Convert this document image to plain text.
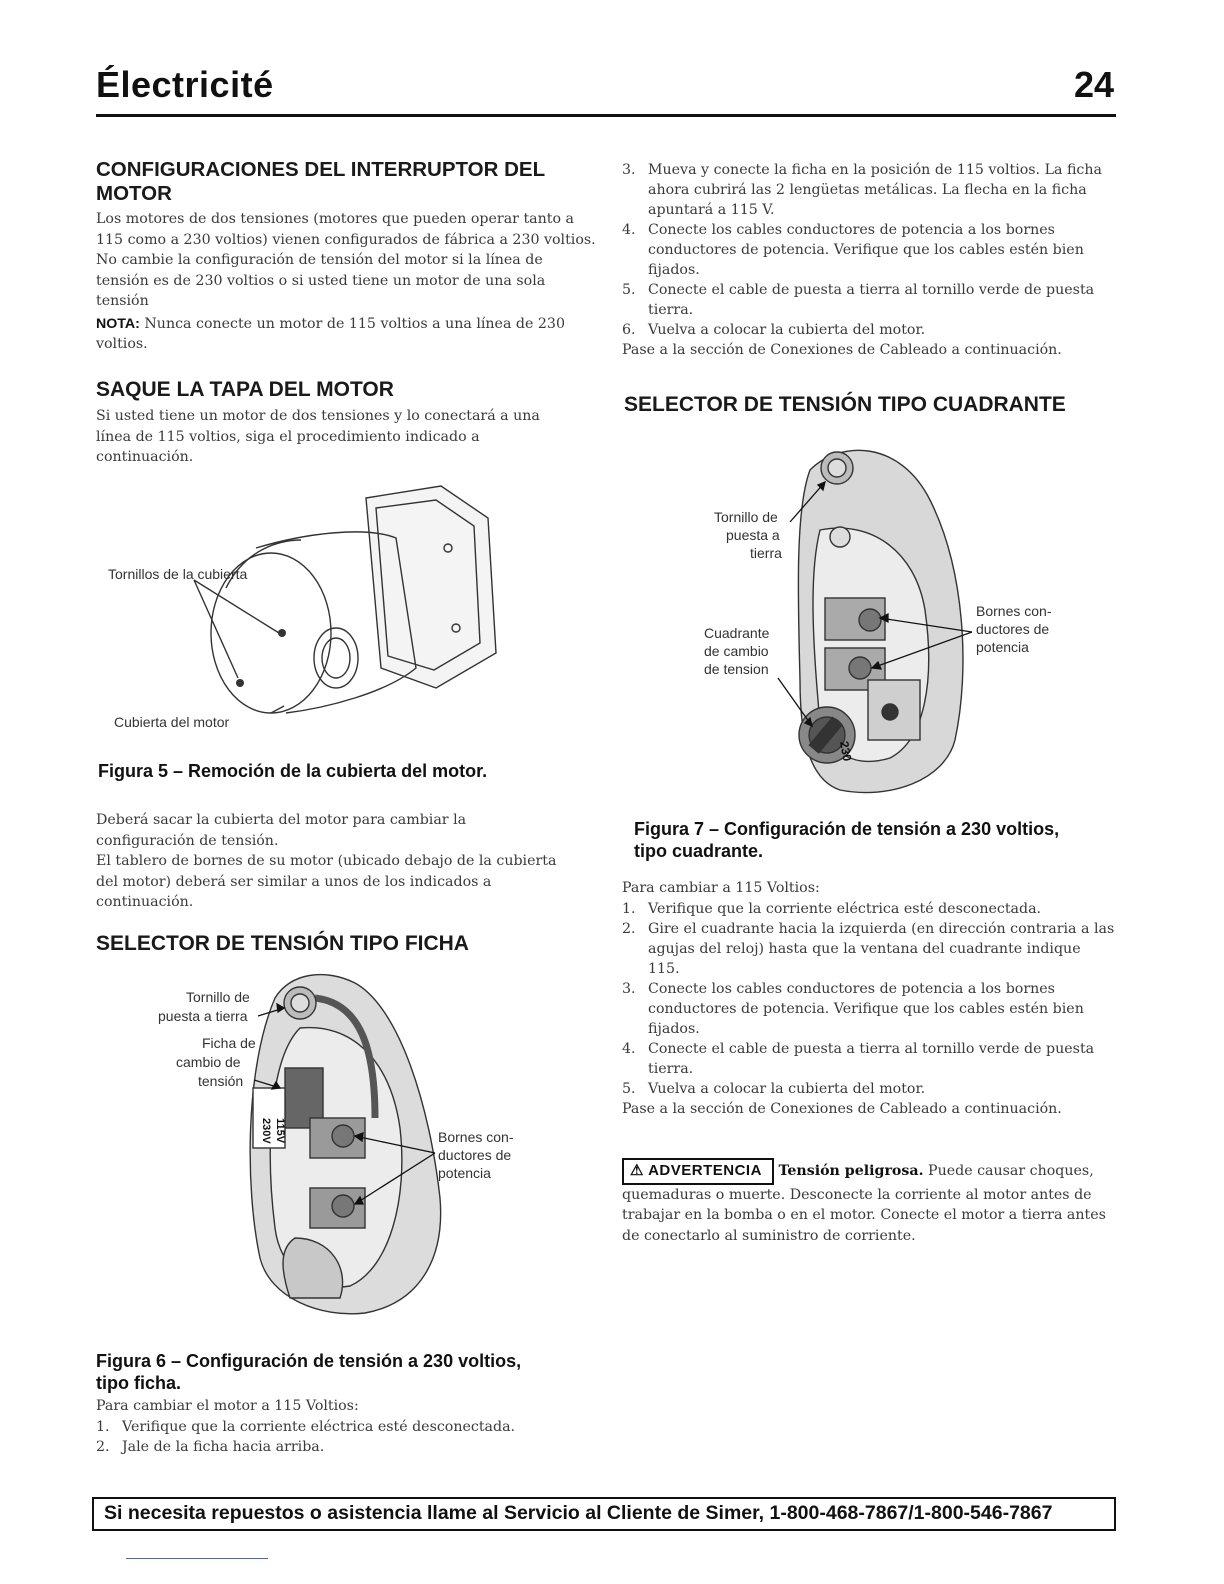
Électricité	24
CONFIGURACIONES DEL INTERRUPTOR DEL MOTOR

Los motores de dos tensiones (motores que pueden operar tanto a 115 como a 230 voltios) vienen configurados de fábrica a 230 voltios. No cambie la configuración de tensión del motor si la línea de tensión es de 230 voltios o si usted tiene un motor de una sola tensión

NOTA: Nunca conecte un motor de 115 voltios a una línea de 230 voltios.

SAQUE LA TAPA DEL MOTOR

Si usted tiene un motor de dos tensiones y lo conectará a una línea de 115 voltios, siga el procedimiento indicado a continuación.

Tornillos de la cubierta
Cubierta del motor

Figura 5 – Remoción de la cubierta del motor.

Deberá sacar la cubierta del motor para cambiar la configuración de tensión.

El tablero de bornes de su motor (ubicado debajo de la cubierta del motor) deberá ser similar a unos de los indicados a continuación.

SELECTOR DE TENSIÓN TIPO FICHA
230V 115V
Tornillo de
puesta a tierra
Ficha de
cambio de
tensión
Bornes con-
ductores de
potencia

Figura 6 – Configuración de tensión a 230 voltios,

tipo ficha.

Para cambiar el motor a 115 Voltios:

1. Verifique que la corriente eléctrica esté desconectada.
2. Jale de la ficha hacia arriba.
3. Mueva y conecte la ficha en la posición de 115 voltios. La ficha ahora cubrirá las 2 lengüetas metálicas. La flecha en la ficha apuntará a 115 V.
4. Conecte los cables conductores de potencia a los bornes conductores de potencia. Verifique que los cables estén bien fijados.
5. Conecte el cable de puesta a tierra al tornillo verde de puesta tierra.
6. Vuelva a colocar la cubierta del motor.

Pase a la sección de Conexiones de Cableado a continuación.

SELECTOR DE TENSIÓN TIPO CUADRANTE
230
Tornillo de
puesta a
tierra
Cuadrante
de cambio
de tension
Bornes con-
ductores de
potencia

Figura 7 – Configuración de tensión a 230 voltios,

tipo cuadrante.

Para cambiar a 115 Voltios:

1. Verifique que la corriente eléctrica esté desconectada.
2. Gire el cuadrante hacia la izquierda (en dirección contraria a las agujas del reloj) hasta que la ventana del cuadrante indique 115.
3. Conecte los cables conductores de potencia a los bornes conductores de potencia. Verifique que los cables estén bien fijados.
4. Conecte el cable de puesta a tierra al tornillo verde de puesta tierra.
5. Vuelva a colocar la cubierta del motor.

Pase a la sección de Conexiones de Cableado a continuación.

⚠ ADVERTENCIA Tensión peligrosa. Puede causar choques, quemaduras o muerte. Desconecte la corriente al motor antes de trabajar en la bomba o en el motor. Conecte el motor a tierra antes de conectarlo al suministro de corriente.

Si necesita repuestos o asistencia llame al Servicio al Cliente de Simer, 1-800-468-7867/1-800-546-7867
